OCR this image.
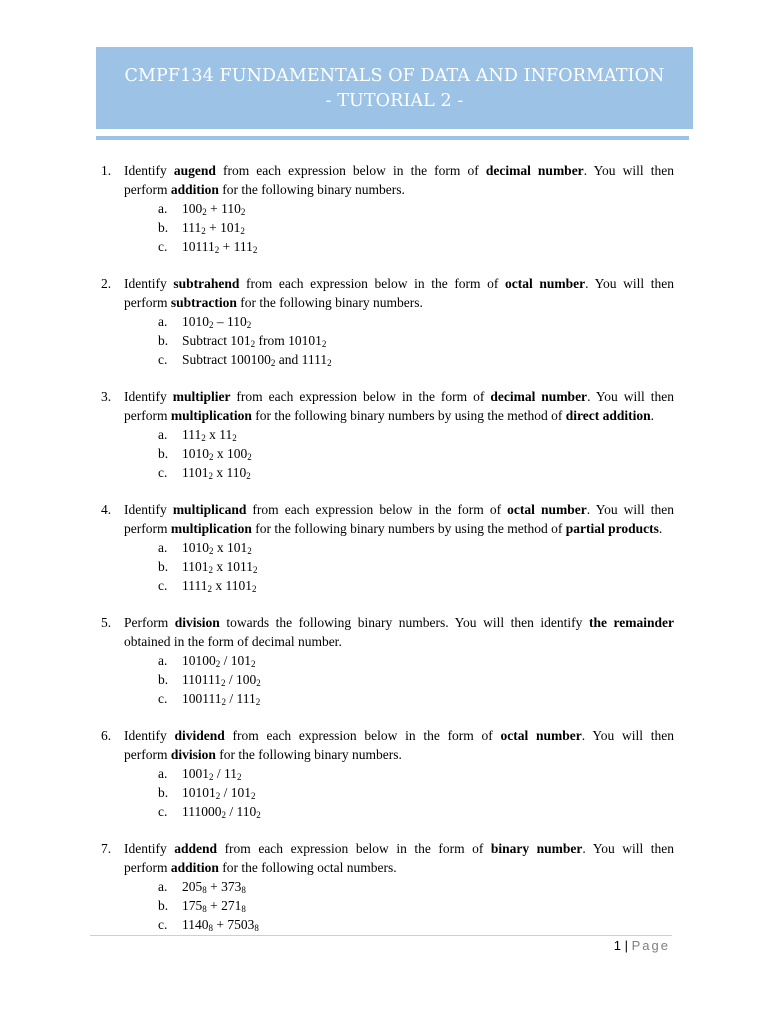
CMPF134 FUNDAMENTALS OF DATA AND INFORMATION
- TUTORIAL 2 -
1. Identify augend from each expression below in the form of decimal number. You will then
perform addition for the following binary numbers.
a. $100_2 + 110_2$
b. $111_2 + 101_2$
c. $10111_2 + 111_2$
2. Identify subtrahend from each expression below in the form of octal number. You will then
perform subtraction for the following binary numbers.
a. $1010_2 - 110_2$
b. Subtract $101_2$ from $10101_2$
c. Subtract $100100_2$ and $1111_2$
3. Identify multiplier from each expression below in the form of decimal number. You will then
perform multiplication for the following binary numbers by using the method of direct addition.
a. $111_2$ x $11_2$
b. $1010_2$ x $100_2$
c. $1101_2$ x $110_2$
4. Identify multiplicand from each expression below in the form of octal number. You will then
perform multiplication for the following binary numbers by using the method of partial products.
a. $1010_2$ x $101_2$
b. $1101_2$ x $1011_2$
c. $1111_2$ x $1101_2$
5. Perform division towards the following binary numbers. You will then identify the remainder
obtained in the form of decimal number.
a. $10100_2 / 101_2$
b. $110111_2 / 100_2$
c. $100111_2 / 111_2$
6. Identify dividend from each expression below in the form of octal number. You will then
perform division for the following binary numbers.
a. $1001_2 / 11_2$
b. $10101_2 / 101_2$
c. $111000_2 / 110_2$
7. Identify addend from each expression below in the form of binary number. You will then
perform addition for the following octal numbers.
a. $205_8 + 373_8$
b. $175_8 + 271_8$
c. $1140_8 + 7503_8$
1 | Page
